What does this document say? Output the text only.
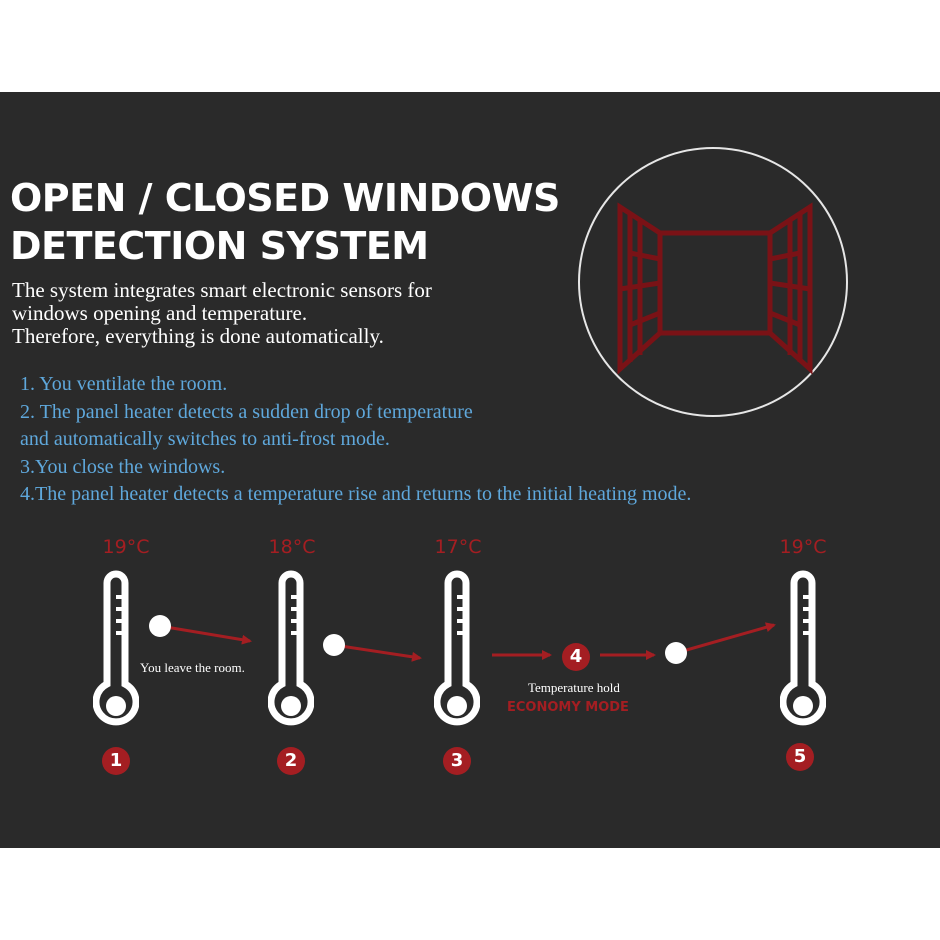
OPEN / CLOSED WINDOWS
DETECTION SYSTEM
The system integrates smart electronic sensors for
windows opening and temperature.
Therefore, everything is done automatically.
1. You ventilate the room.
2. The panel heater detects a sudden drop of temperature
and automatically switches to anti-frost mode.
3.You close the windows.
4.The panel heater detects a temperature rise and returns to the initial heating mode.
19°C	18°C	17°C	19°C
1	2	3
4
5
You leave the room.
Temperature hold
ECONOMY MODE
